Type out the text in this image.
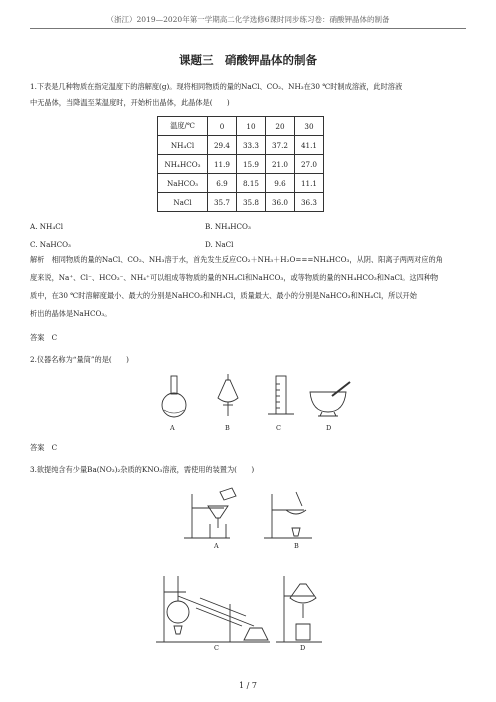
（浙江）2019—2020年第一学期高二化学选修6课时同步练习卷：硝酸钾晶体的制备
课题三　硝酸钾晶体的制备
1.下表是几种物质在指定温度下的溶解度(g)。现将相同物质的量的NaCl、CO₂、NH₃在30 ℃时制成溶液，此时溶液
中无晶体，当降温至某温度时，开始析出晶体，此晶体是(　　)
温度/℃	0	10	20	30
NH₄Cl	29.4	33.3	37.2	41.1
NH₄HCO₃	11.9	15.9	21.0	27.0
NaHCO₃	6.9	8.15	9.6	11.1
NaCl	35.7	35.8	36.0	36.3
A. NH₄Cl	B. NH₄HCO₃
C. NaHCO₃	D. NaCl
解析　相同物质的量的NaCl、CO₂、NH₃溶于水，首先发生反应CO₂＋NH₃＋H₂O===NH₄HCO₃，从阴、阳离子两两对应的角
度来说，Na⁺、Cl⁻、HCO₃⁻、NH₄⁺可以组成等物质的量的NH₄Cl和NaHCO₃，或等物质的量的NH₄HCO₃和NaCl。这四种物
质中，在30 ℃时溶解度最小、最大的分别是NaHCO₃和NH₄Cl，质量最大、最小的分别是NaHCO₃和NH₄Cl，所以开始
析出的晶体是NaHCO₃。
答案　C
2.仪器名称为“量筒”的是(　　)
A	B	C	D
答案　C
3.欲提纯含有少量Ba(NO₃)₂杂质的KNO₃溶液，需使用的装置为(　　)
A	B
C	D
1 / 7
